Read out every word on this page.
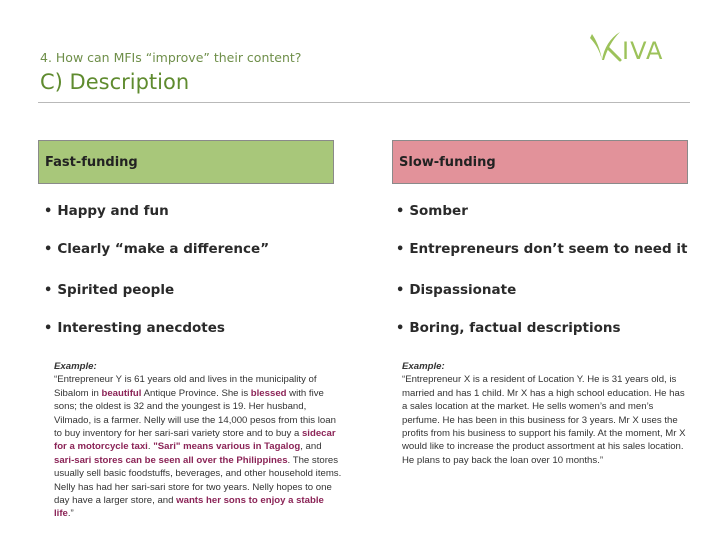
4. How can MFIs “improve” their content?
C) Description
IVA
Fast-funding
• Happy and fun
• Clearly “make a difference”
• Spirited people
• Interesting anecdotes
Example:
“Entrepreneur Y is 61 years old and lives in the municipality of Sibalom in beautiful Antique Province. She is blessed with five sons; the oldest is 32 and the youngest is 19. Her husband, Vilmado, is a farmer. Nelly will use the 14,000 pesos from this loan to buy inventory for her sari-sari variety store and to buy a sidecar for a motorcycle taxi. "Sari" means various in Tagalog, and sari-sari stores can be seen all over the Philippines. The stores usually sell basic foodstuffs, beverages, and other household items. Nelly has had her sari-sari store for two years. Nelly hopes to one day have a larger store, and wants her sons to enjoy a stable life.”
Slow-funding
• Somber
• Entrepreneurs don’t seem to need it
• Dispassionate
• Boring, factual descriptions
Example:
“Entrepreneur X is a resident of Location Y. He is 31 years old, is married and has 1 child. Mr X has a high school education. He has a sales location at the market. He sells women’s and men’s perfume. He has been in this business for 3 years. Mr X uses the profits from his business to support his family. At the moment, Mr X would like to increase the product assortment at his sales location. He plans to pay back the loan over 10 months.”
